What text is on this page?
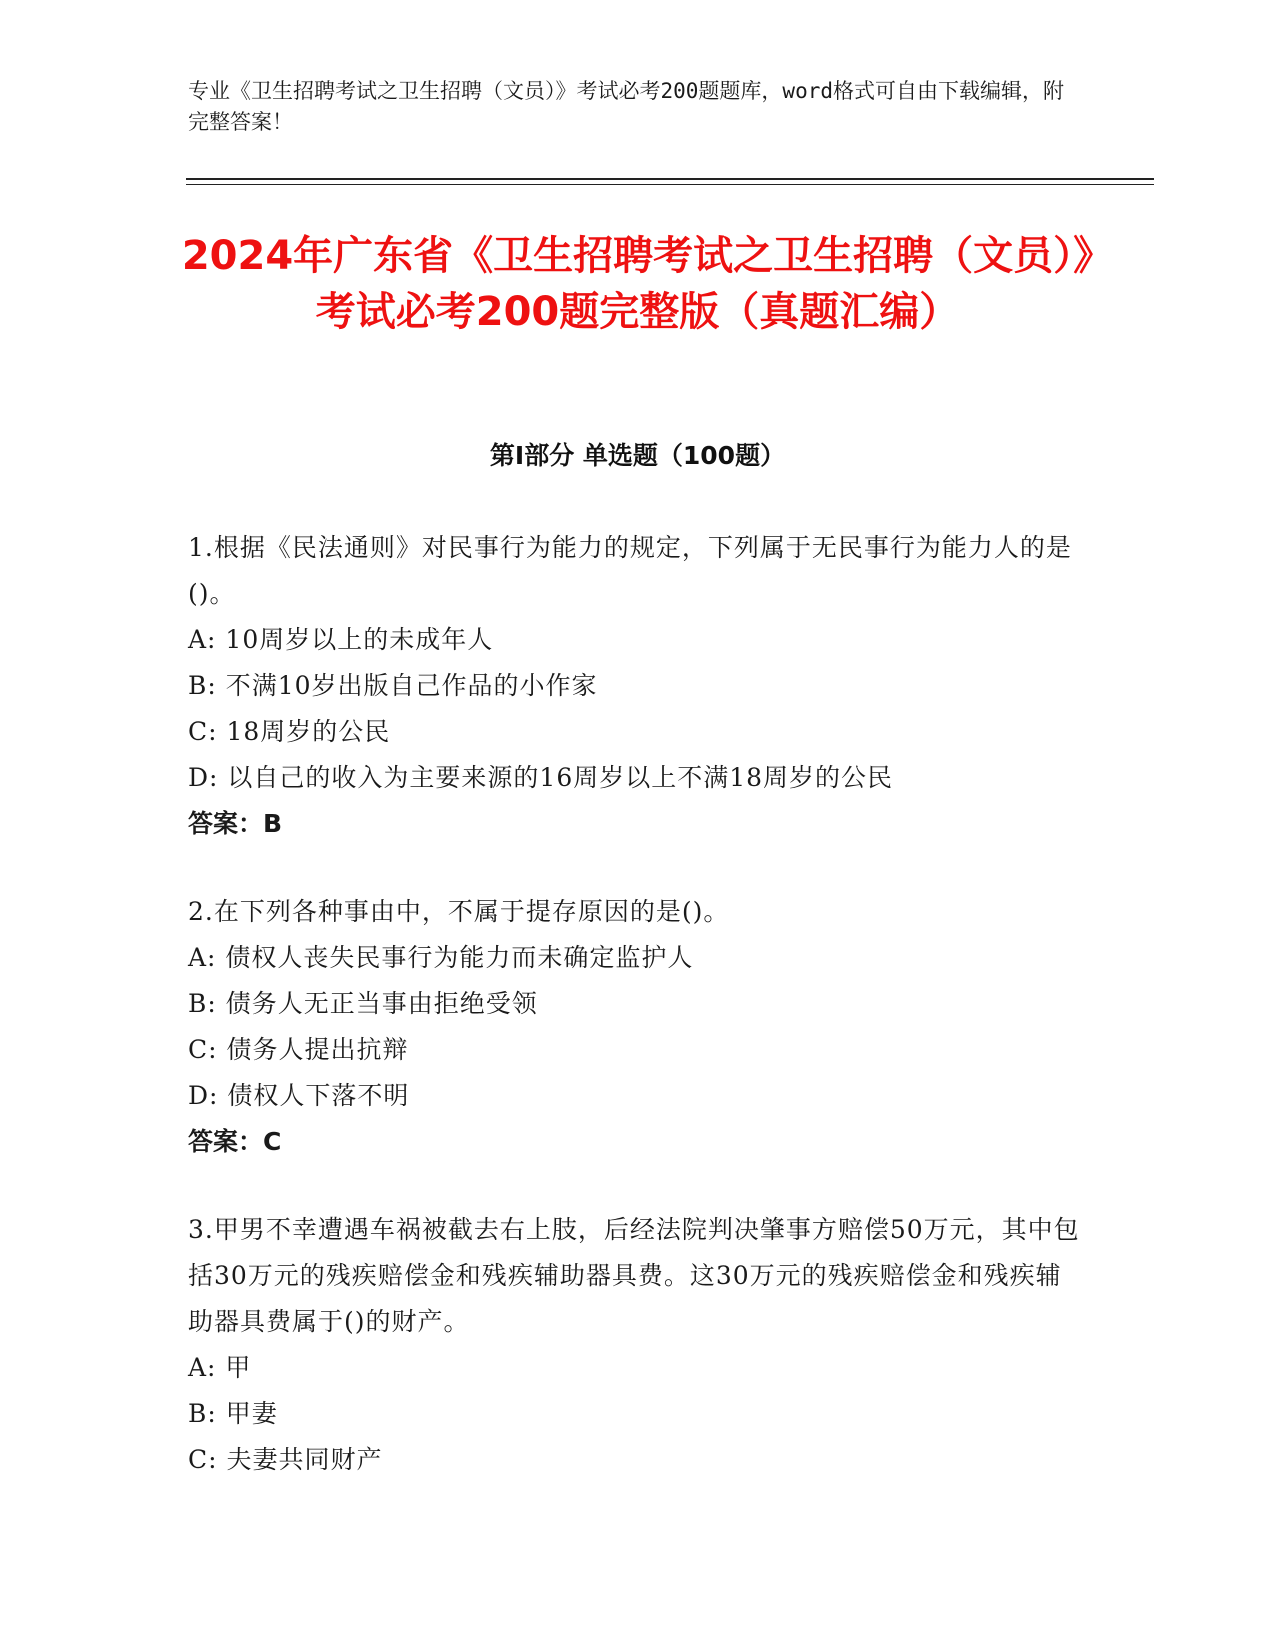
专业《卫生招聘考试之卫生招聘（文员）》考试必考200题题库，word格式可自由下载编辑，附完整答案！
2024年广东省《卫生招聘考试之卫生招聘（文员）》考试必考200题完整版（真题汇编）
第I部分 单选题（100题）

1.根据《民法通则》对民事行为能力的规定，下列属于无民事行为能力人的是()。

A: 10周岁以上的未成年人

B: 不满10岁出版自己作品的小作家

C: 18周岁的公民

D: 以自己的收入为主要来源的16周岁以上不满18周岁的公民

答案：B

2.在下列各种事由中，不属于提存原因的是()。

A: 债权人丧失民事行为能力而未确定监护人

B: 债务人无正当事由拒绝受领

C: 债务人提出抗辩

D: 债权人下落不明

答案：C

3.甲男不幸遭遇车祸被截去右上肢，后经法院判决肇事方赔偿50万元，其中包括30万元的残疾赔偿金和残疾辅助器具费。这30万元的残疾赔偿金和残疾辅助器具费属于()的财产。

A: 甲

B: 甲妻

C: 夫妻共同财产
